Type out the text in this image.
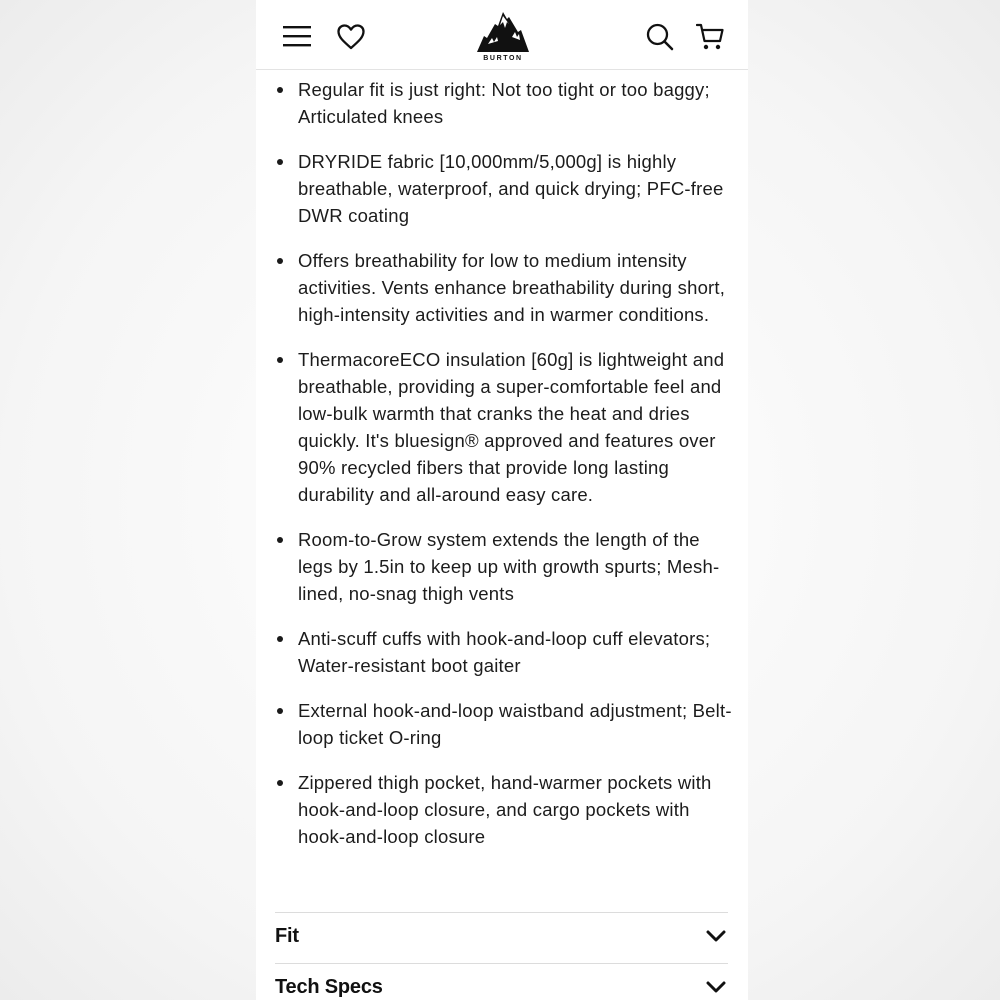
BURTON
Regular fit is just right: Not too tight or too baggy; Articulated knees
DRYRIDE fabric [10,000mm/5,000g] is highly breathable, waterproof, and quick drying; PFC-free DWR coating
Offers breathability for low to medium intensity activities. Vents enhance breathability during short, high-intensity activities and in warmer conditions.
ThermacoreECO insulation [60g] is lightweight and breathable, providing a super-comfortable feel and low-bulk warmth that cranks the heat and dries quickly. It's bluesign® approved and features over 90% recycled fibers that provide long lasting durability and all-around easy care.
Room-to-Grow system extends the length of the legs by 1.5in to keep up with growth spurts; Mesh-lined, no-snag thigh vents
Anti-scuff cuffs with hook-and-loop cuff elevators; Water-resistant boot gaiter
External hook-and-loop waistband adjustment; Belt-loop ticket O-ring
Zippered thigh pocket, hand-warmer pockets with hook-and-loop closure, and cargo pockets with hook-and-loop closure
Fit
Tech Specs
